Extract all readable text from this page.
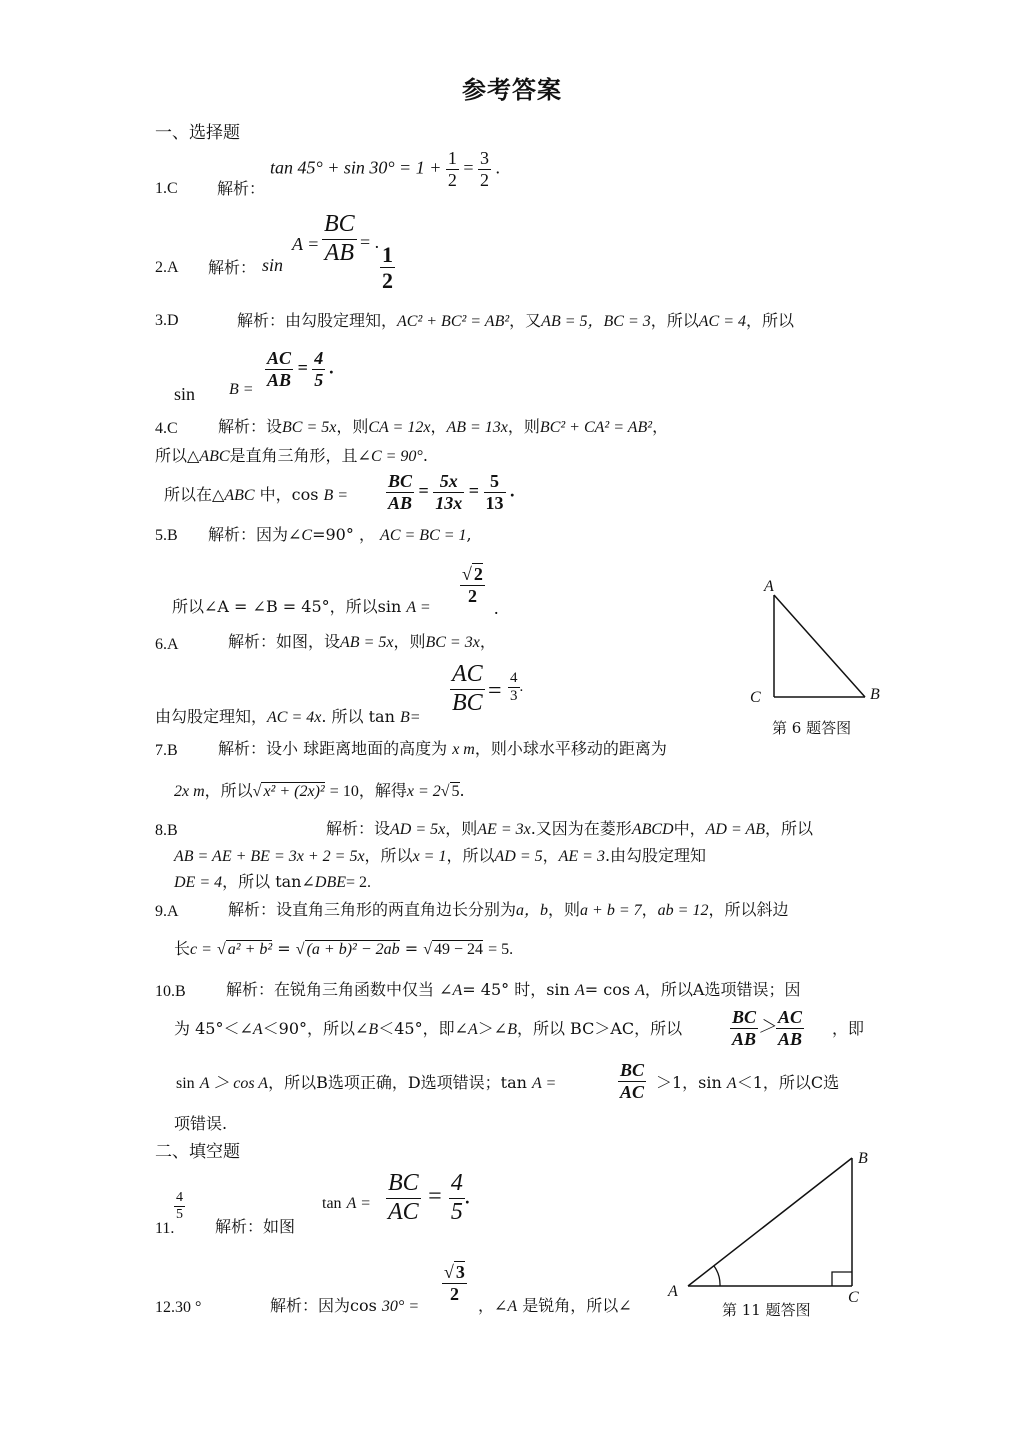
参考答案
一、选择题
1.C 解析：
$\tan 45^\circ + \sin 30^\circ = 1 + \frac{1}{2} = \frac{3}{2}$ .
2.A 解析： sin
$A = \frac{BC}{AB}$ = . $\frac{1}{2}$
3.D	解析：由勾股定理知，AC² + BC² = AB²，又AB = 5，BC = 3，所以AC = 4，所以
$\sin B = \frac{AC}{AB} = \frac{4}{5}$ .
4.C	解析：设BC = 5x，则CA = 12x，AB = 13x，则BC² + CA² = AB²，
所以△ABC是直角三角形，且∠C = 90°.
所以在△ABC 中，$\cos B = \frac{BC}{AB} = \frac{5x}{13x} = \frac{5}{13}$ .
5.B 解析：因为∠C=90° ， AC = BC = 1,
所以∠A = ∠B = 45°，所以sin A =
$\frac{√ 2}{2}$
.
6.A	解析：如图，设AB = 5x，则BC = 3x，
由勾股定理知，AC = 4x. 所以 tan B=
$\frac{AC}{BC} = \frac{4}{3}$ .
A
C	B
第 6 题答图
7.B	解析：设小 球距离地面的高度为 x m，则小球水平移动的距离为
2x m，所以√ x² + (2x)² = 10，解得x = 2√ 5.
8.B	解析：设AD = 5x，则AE = 3x.又因为在菱形ABCD中，AD = AB，所以
AB = AE + BE = 3x + 2 = 5x，所以x = 1，所以AD = 5，AE = 3.由勾股定理知
DE = 4，所以 tan∠DBE= 2.
9.A	解析：设直角三角形的两直角边长分别为a，b，则a + b = 7，ab = 12，所以斜边
长c = √ a² + b² = √ (a + b)² − 2ab = √ 49 − 24 = 5.
10.B	解析：在锐角三角函数中仅当 ∠A= 45° 时，sin A= cos A，所以A选项错误；因
为 45°＜∠A＜90°，所以∠B＜45°，即∠A＞∠B，所以 BC＞AC，所以	$\frac{BC}{AB} > \frac{AC}{AB}$ ，即
sin A ＞ cos A，所以B选项正确，D选项错误；tan A =	$\frac{BC}{AC} >1$，sin A＜1，所以C选
项错误.
二、填空题
11.
$\frac{4}{5}$
解析：如图
$\tan A = \frac{BC}{AC} = \frac{4}{5}$ .
B
A	C
第 11 题答图
12.30 °	解析：因为cos 30° =
$\frac{√ 3}{2}$
，∠A 是锐角，所以∠
